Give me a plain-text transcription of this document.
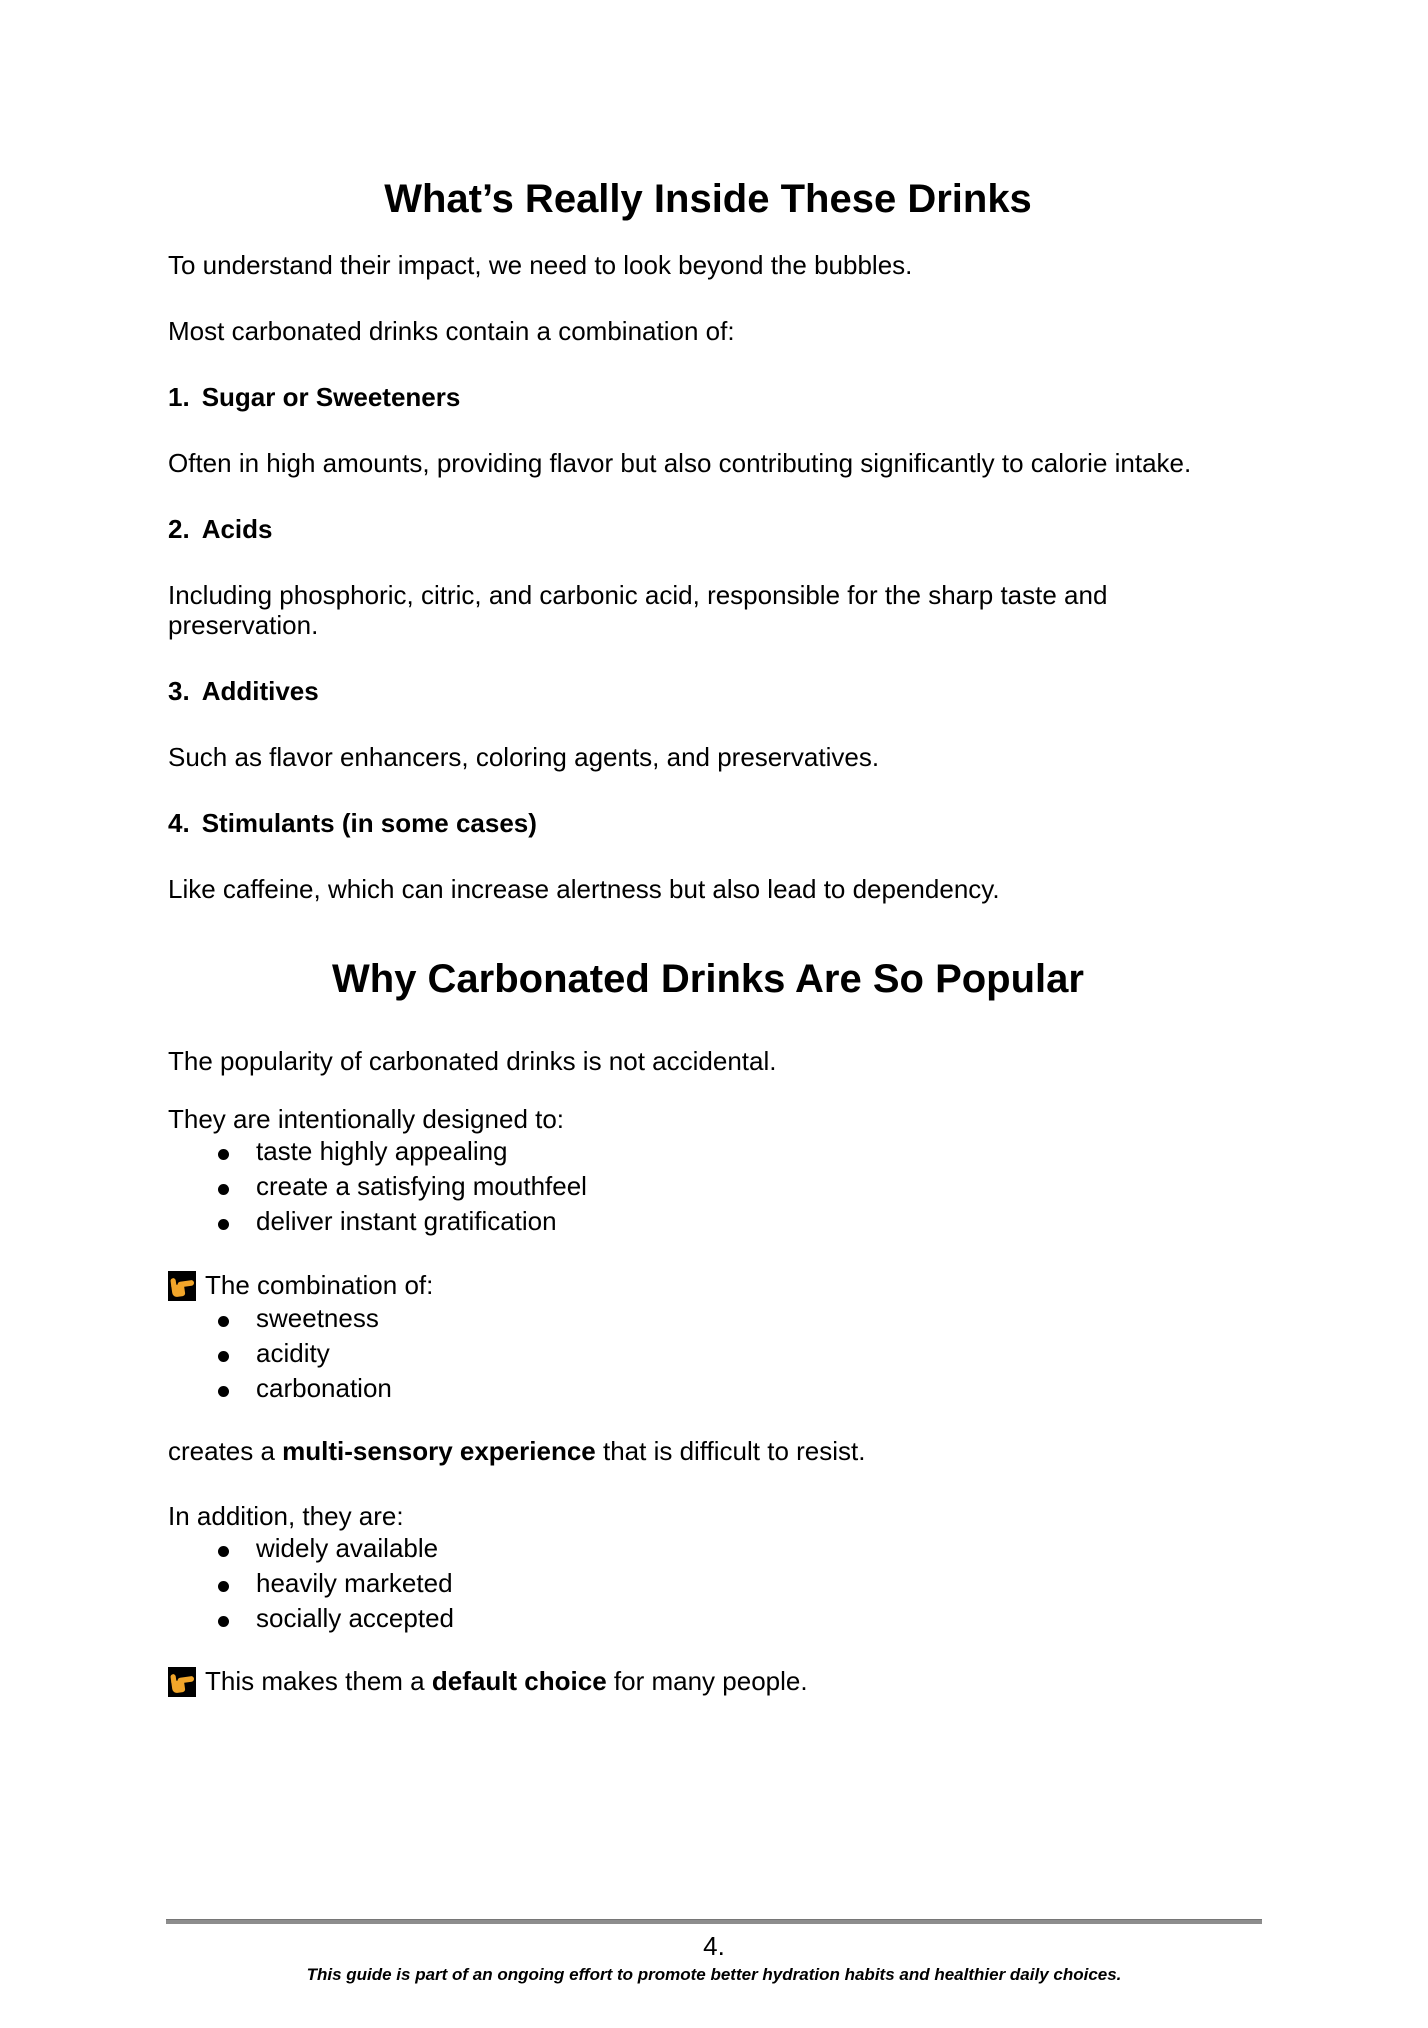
What’s Really Inside These Drinks

To understand their impact, we need to look beyond the bubbles.

Most carbonated drinks contain a combination of:

1. Sugar or Sweeteners

Often in high amounts, providing flavor but also contributing significantly to calorie intake.

2. Acids

Including phosphoric, citric, and carbonic acid, responsible for the sharp taste and preservation.

3. Additives

Such as flavor enhancers, coloring agents, and preservatives.

4. Stimulants (in some cases)

Like caffeine, which can increase alertness but also lead to dependency.

Why Carbonated Drinks Are So Popular

The popularity of carbonated drinks is not accidental.

They are intentionally designed to:

taste highly appealing
create a satisfying mouthfeel
deliver instant gratification

The combination of:

sweetness
acidity
carbonation

creates a multi-sensory experience that is difficult to resist.

In addition, they are:

widely available
heavily marketed
socially accepted

This makes them a default choice for many people.

4.
This guide is part of an ongoing effort to promote better hydration habits and healthier daily choices.
